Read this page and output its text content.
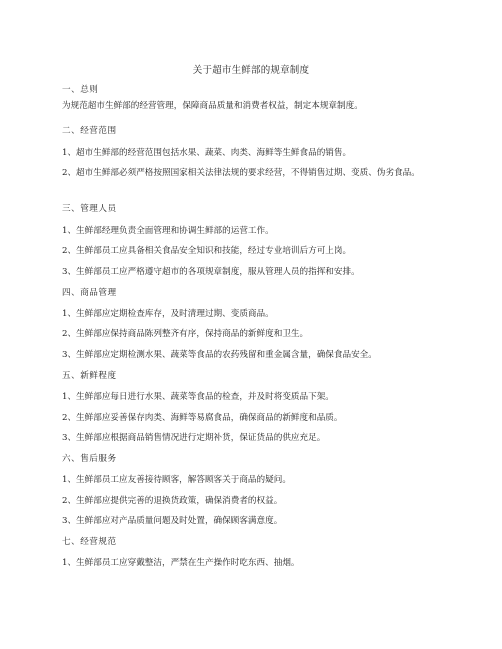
关于超市生鲜部的规章制度
一、总则
为规范超市生鲜部的经营管理，保障商品质量和消费者权益，制定本规章制度。
二、经营范围
1、超市生鲜部的经营范围包括水果、蔬菜、肉类、海鲜等生鲜食品的销售。
2、超市生鲜部必须严格按照国家相关法律法规的要求经营，不得销售过期、变质、伪劣食品。
三、管理人员
1、生鲜部经理负责全面管理和协调生鲜部的运营工作。
2、生鲜部员工应具备相关食品安全知识和技能，经过专业培训后方可上岗。
3、生鲜部员工应严格遵守超市的各项规章制度，服从管理人员的指挥和安排。
四、商品管理
1、生鲜部应定期检查库存，及时清理过期、变质商品。
2、生鲜部应保持商品陈列整齐有序，保持商品的新鲜度和卫生。
3、生鲜部应定期检测水果、蔬菜等食品的农药残留和重金属含量，确保食品安全。
五、新鲜程度
1、生鲜部应每日进行水果、蔬菜等食品的检查，并及时将变质品下架。
2、生鲜部应妥善保存肉类、海鲜等易腐食品，确保商品的新鲜度和品质。
3、生鲜部应根据商品销售情况进行定期补货，保证货品的供应充足。
六、售后服务
1、生鲜部员工应友善接待顾客，解答顾客关于商品的疑问。
2、生鲜部应提供完善的退换货政策，确保消费者的权益。
3、生鲜部应对产品质量问题及时处置，确保顾客满意度。
七、经营规范
1、生鲜部员工应穿戴整洁，严禁在生产操作时吃东西、抽烟。
